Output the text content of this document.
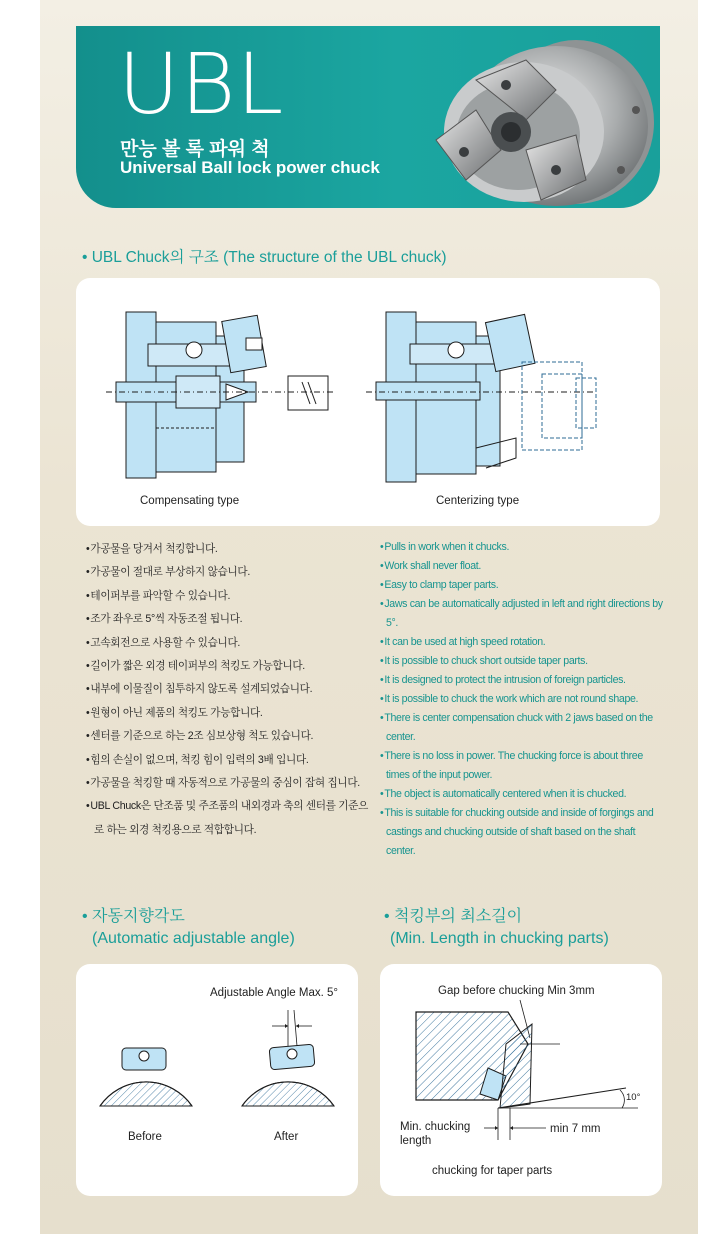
UBL
만능 볼 록 파워 척
Universal Ball lock power chuck
• UBL Chuck의 구조 (The structure of the UBL chuck)
Compensating type	Centerizing type
• 가공물을 당겨서 척킹합니다.
• 가공물이 절대로 부상하지 않습니다.
• 테이퍼부를 파악할 수 있습니다.
• 조가 좌우로 5°씩 자동조절 됩니다.
• 고속회전으로 사용할 수 있습니다.
• 길이가 짧은 외경 테이퍼부의 척킹도 가능합니다.
• 내부에 이물질이 침투하지 않도록 설계되었습니다.
• 원형이 아닌 제품의 척킹도 가능합니다.
• 센터를 기준으로 하는 2조 심보상형 척도 있습니다.
• 힘의 손실이 없으며, 척킹 힘이 입력의 3배 입니다.
• 가공물을 척킹할 때 자동적으로 가공물의 중심이 잡혀 집니다.
• UBL Chuck은 단조품 및 주조품의 내외경과 축의 센터를 기준으로 하는 외경 척킹용으로 적합합니다.
• Pulls in work when it chucks.
• Work shall never float.
• Easy to clamp taper parts.
• Jaws can be automatically adjusted in left and right directions by 5°.
• It can be used at high speed rotation.
• It is possible to chuck short outside taper parts.
• It is designed to protect the intrusion of foreign particles.
• It is possible to chuck the work which are not round shape.
• There is center compensation chuck with 2 jaws based on the center.
• There is no loss in power. The chucking force is about three times of the input power.
• The object is automatically centered when it is chucked.
• This is suitable for chucking outside and inside of forgings and castings and chucking outside of shaft based on the shaft center.
• 자동지향각도
(Automatic adjustable angle)
• 척킹부의 최소길이
(Min. Length in chucking parts)
Adjustable Angle Max. 5°
Before	After
Gap before chucking Min 3mm
10°
Min. chucking
length
min 7 mm
chucking for taper parts
